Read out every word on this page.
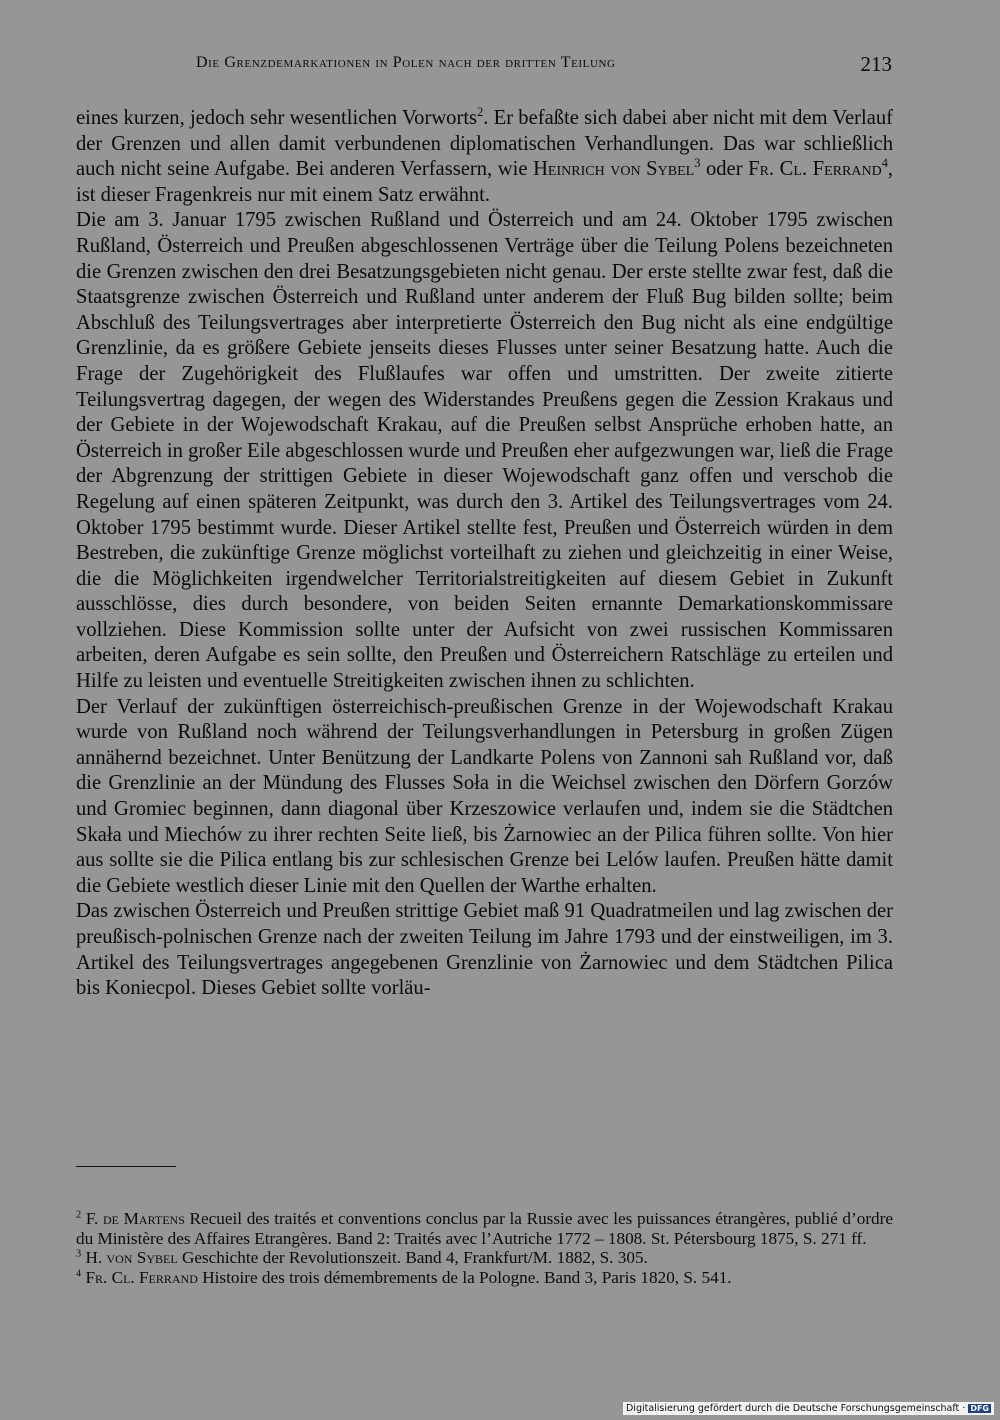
Die Grenzdemarkationen in Polen nach der dritten Teilung	213

eines kurzen, jedoch sehr wesentlichen Vorworts$^2$. Er befaßte sich dabei aber nicht mit dem Verlauf der Grenzen und allen damit verbundenen diplomatischen Verhandlungen. Das war schließlich auch nicht seine Aufgabe. Bei anderen Verfassern, wie Heinrich von Sybel$^3$ oder Fr. Cl. Ferrand$^4$, ist dieser Fragenkreis nur mit einem Satz erwähnt.

Die am 3. Januar 1795 zwischen Rußland und Österreich und am 24. Oktober 1795 zwischen Rußland, Österreich und Preußen abgeschlossenen Verträge über die Teilung Polens bezeichneten die Grenzen zwischen den drei Besatzungsgebieten nicht genau. Der erste stellte zwar fest, daß die Staatsgrenze zwischen Österreich und Rußland unter anderem der Fluß Bug bilden sollte; beim Abschluß des Teilungsvertrages aber interpretierte Österreich den Bug nicht als eine endgültige Grenzlinie, da es größere Gebiete jenseits dieses Flusses unter seiner Besatzung hatte. Auch die Frage der Zugehörigkeit des Flußlaufes war offen und umstritten. Der zweite zitierte Teilungsvertrag dagegen, der wegen des Widerstandes Preußens gegen die Zession Krakaus und der Gebiete in der Wojewodschaft Krakau, auf die Preußen selbst Ansprüche erhoben hatte, an Österreich in großer Eile abgeschlossen wurde und Preußen eher aufgezwungen war, ließ die Frage der Abgrenzung der strittigen Gebiete in dieser Wojewodschaft ganz offen und verschob die Regelung auf einen späteren Zeitpunkt, was durch den 3. Artikel des Teilungsvertrages vom 24. Oktober 1795 bestimmt wurde. Dieser Artikel stellte fest, Preußen und Österreich würden in dem Bestreben, die zukünftige Grenze möglichst vorteilhaft zu ziehen und gleichzeitig in einer Weise, die die Möglichkeiten irgendwelcher Territorialstreitigkeiten auf diesem Gebiet in Zukunft ausschlösse, dies durch besondere, von beiden Seiten ernannte Demarkationskommissare vollziehen. Diese Kommission sollte unter der Aufsicht von zwei russischen Kommissaren arbeiten, deren Aufgabe es sein sollte, den Preußen und Österreichern Ratschläge zu erteilen und Hilfe zu leisten und eventuelle Streitigkeiten zwischen ihnen zu schlichten.

Der Verlauf der zukünftigen österreichisch-preußischen Grenze in der Wojewodschaft Krakau wurde von Rußland noch während der Teilungsverhandlungen in Petersburg in großen Zügen annähernd bezeichnet. Unter Benützung der Landkarte Polens von Zannoni sah Rußland vor, daß die Grenzlinie an der Mündung des Flusses Soła in die Weichsel zwischen den Dörfern Gorzów und Gromiec beginnen, dann diagonal über Krzeszowice verlaufen und, indem sie die Städtchen Skała und Miechów zu ihrer rechten Seite ließ, bis Żarnowiec an der Pilica führen sollte. Von hier aus sollte sie die Pilica entlang bis zur schlesischen Grenze bei Lelów laufen. Preußen hätte damit die Gebiete westlich dieser Linie mit den Quellen der Warthe erhalten.

Das zwischen Österreich und Preußen strittige Gebiet maß 91 Quadratmeilen und lag zwischen der preußisch-polnischen Grenze nach der zweiten Teilung im Jahre 1793 und der einstweiligen, im 3. Artikel des Teilungsvertrages angegebenen Grenzlinie von Żarnowiec und dem Städtchen Pilica bis Koniecpol. Dieses Gebiet sollte vorläu-

$^2$ F. de Martens Recueil des traités et conventions conclus par la Russie avec les puissances étrangères, publié d’ordre du Ministère des Affaires Etrangères. Band 2: Traités avec l’Autriche 1772 – 1808. St. Pétersbourg 1875, S. 271 ff.

$^3$ H. von Sybel Geschichte der Revolutionszeit. Band 4, Frankfurt/M. 1882, S. 305.

$^4$ Fr. Cl. Ferrand Histoire des trois démembrements de la Pologne. Band 3, Paris 1820, S. 541.

Digitalisierung gefördert durch die Deutsche Forschungsgemeinschaft · DFG
